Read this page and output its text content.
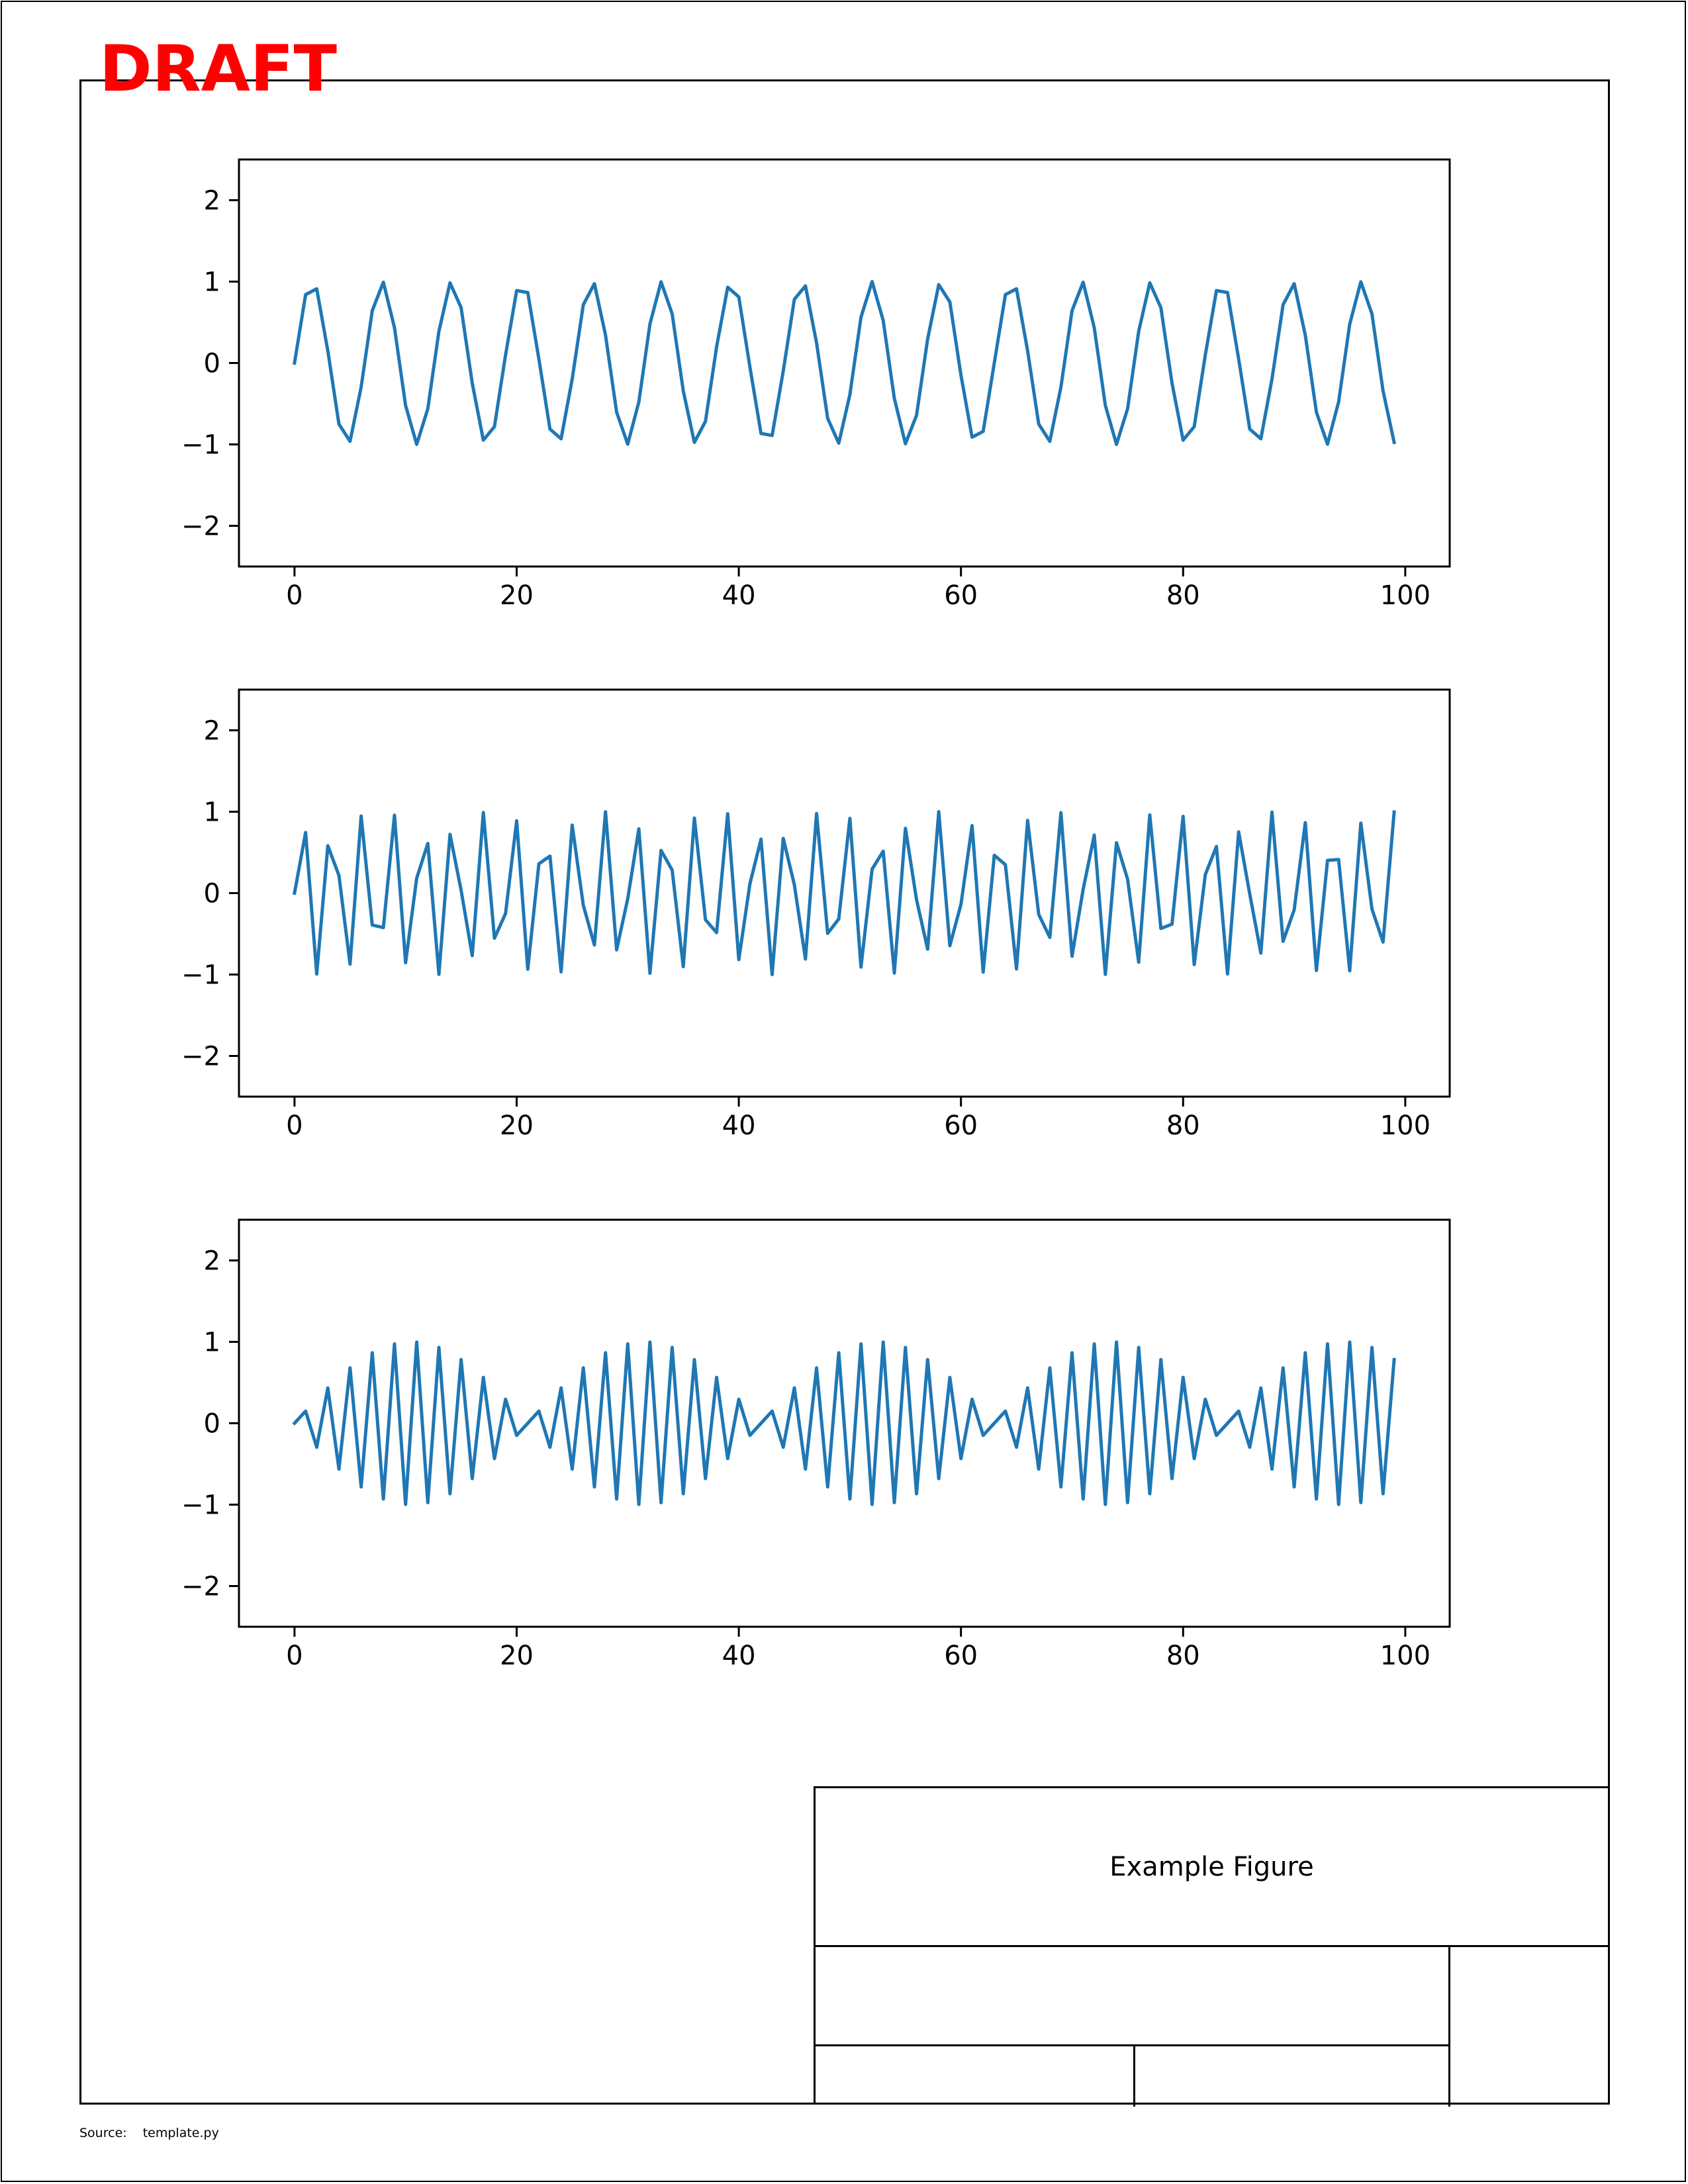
DRAFT
0	20	40	60	80	100
−2
−1
0
1
2
0	20	40	60	80	100
−2
−1
0
1
2
0	20	40	60	80	100
−2
−1
0
1
2
Example Figure
Source: template.py
